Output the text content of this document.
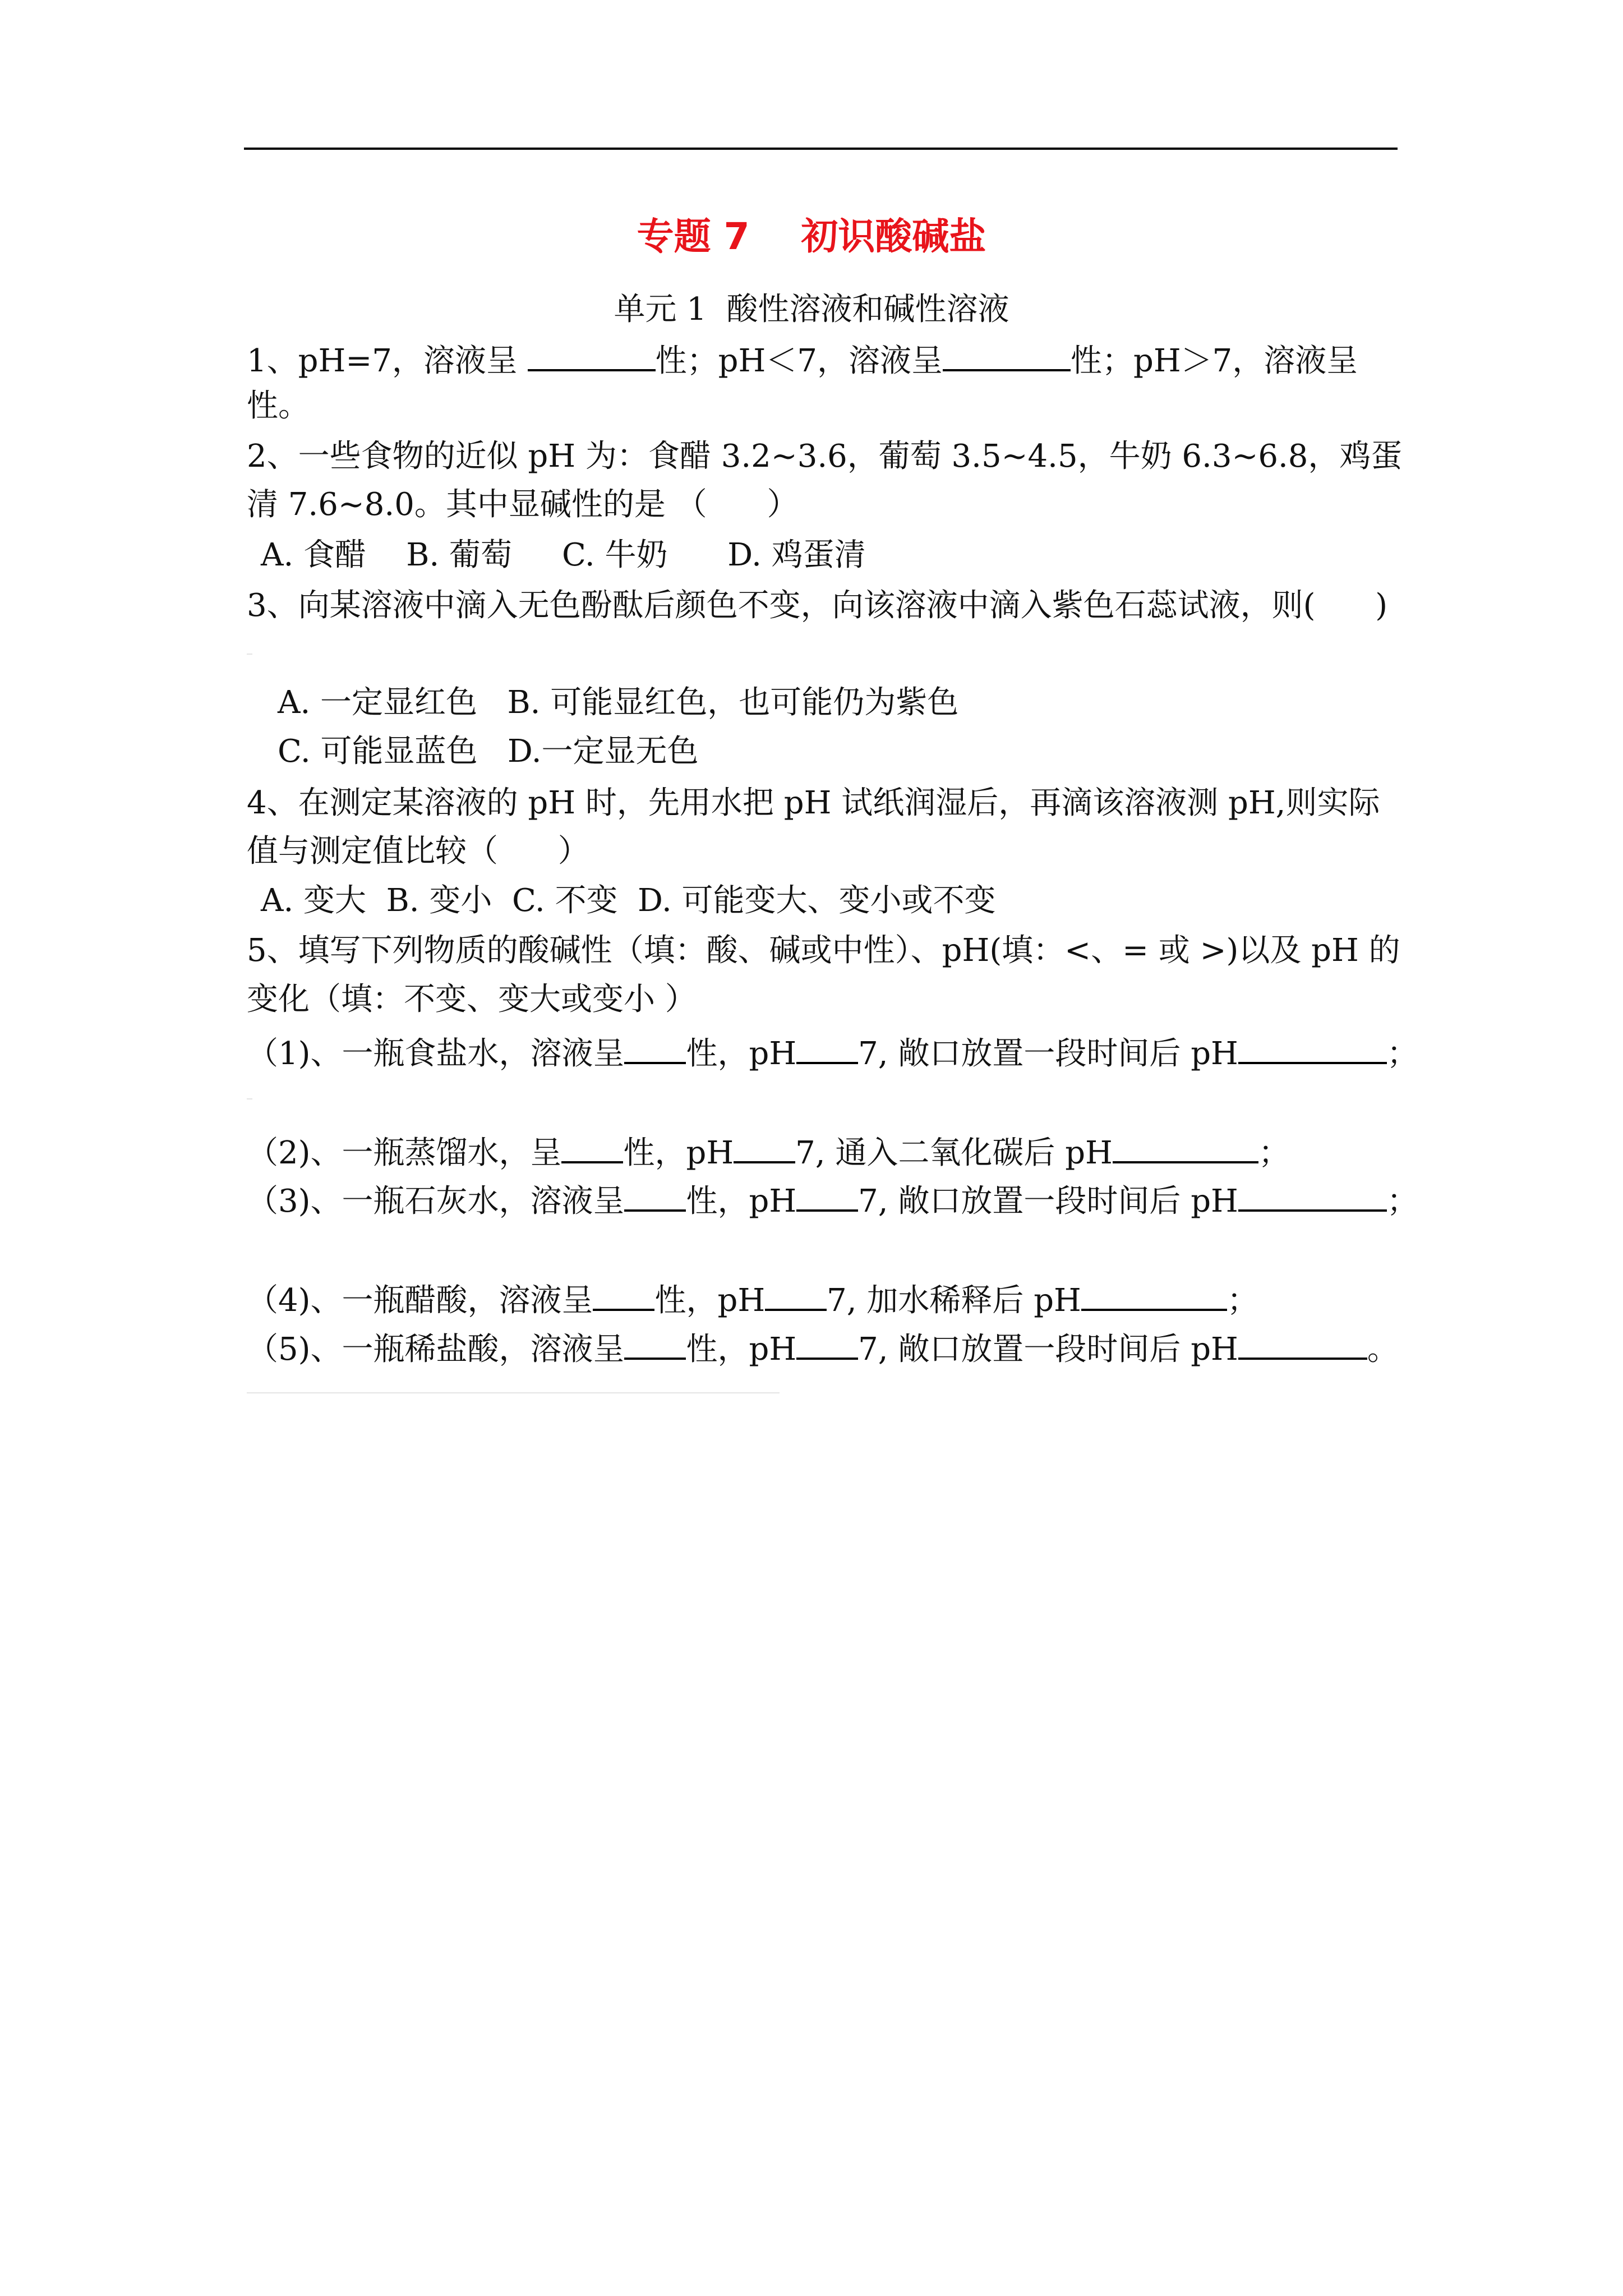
专题 7    初识酸碱盐
单元 1  酸性溶液和碱性溶液
1、pH=7，溶液呈	性；pH＜7，溶液呈	性；pH＞7，溶液呈
性。
2、一些食物的近似 pH 为：食醋 3.2~3.6，葡萄 3.5~4.5，牛奶 6.3~6.8，鸡蛋
清 7.6~8.0。其中显碱性的是 （      ）
A. 食醋    B. 葡萄     C. 牛奶      D. 鸡蛋清
3、向某溶液中滴入无色酚酞后颜色不变，向该溶液中滴入紫色石蕊试液，则(      )
A. 一定显红色   B. 可能显红色，也可能仍为紫色
C. 可能显蓝色   D.一定显无色
4、在测定某溶液的 pH 时，先用水把 pH 试纸润湿后，再滴该溶液测 pH,则实际
值与测定值比较（      ）
A. 变大  B. 变小  C. 不变  D. 可能变大、变小或不变
5、填写下列物质的酸碱性（填：酸、碱或中性）、pH(填：<、= 或 >)以及 pH 的
变化（填：不变、变大或变小 ）
（1)、一瓶食盐水，溶液呈 性，pH 7, 敞口放置一段时间后 pH	；
（2)、一瓶蒸馏水，呈 性，pH 7, 通入二氧化碳后 pH	；
（3)、一瓶石灰水，溶液呈 性，pH 7, 敞口放置一段时间后 pH	；
（4)、一瓶醋酸，溶液呈 性，pH 7, 加水稀释后 pH	；
（5)、一瓶稀盐酸，溶液呈 性，pH 7, 敞口放置一段时间后 pH	。
